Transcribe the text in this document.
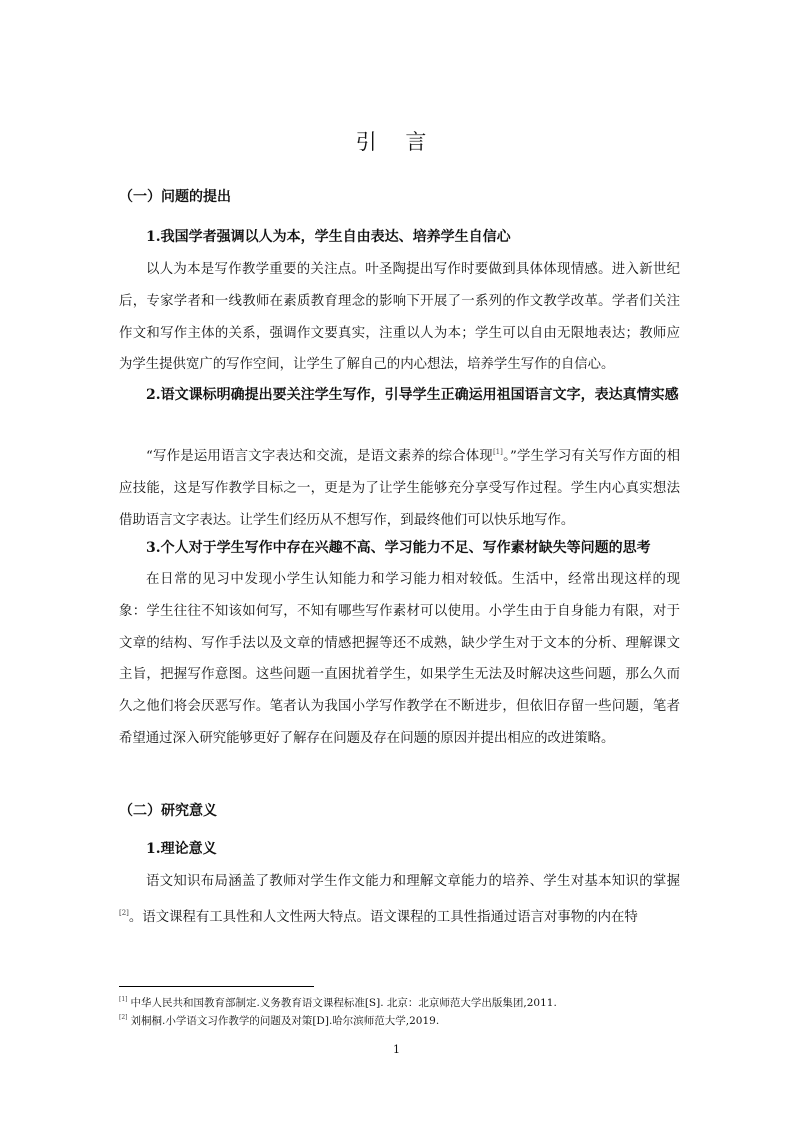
引 言
（一）问题的提出
1.我国学者强调以人为本，学生自由表达、培养学生自信心

以人为本是写作教学重要的关注点。叶圣陶提出写作时要做到具体体现情感。进入新世纪后，专家学者和一线教师在素质教育理念的影响下开展了一系列的作文教学改革。学者们关注作文和写作主体的关系，强调作文要真实，注重以人为本；学生可以自由无限地表达；教师应为学生提供宽广的写作空间，让学生了解自己的内心想法，培养学生写作的自信心。

2.语文课标明确提出要关注学生写作，引导学生正确运用祖国语言文字，表达真情实感

“写作是运用语言文字表达和交流，是语文素养的综合体现[1]。”学生学习有关写作方面的相应技能，这是写作教学目标之一，更是为了让学生能够充分享受写作过程。学生内心真实想法借助语言文字表达。让学生们经历从不想写作，到最终他们可以快乐地写作。

3.个人对于学生写作中存在兴趣不高、学习能力不足、写作素材缺失等问题的思考

在日常的见习中发现小学生认知能力和学习能力相对较低。生活中，经常出现这样的现象：学生往往不知该如何写，不知有哪些写作素材可以使用。小学生由于自身能力有限，对于文章的结构、写作手法以及文章的情感把握等还不成熟，缺少学生对于文本的分析、理解课文主旨，把握写作意图。这些问题一直困扰着学生，如果学生无法及时解决这些问题，那么久而久之他们将会厌恶写作。笔者认为我国小学写作教学在不断进步，但依旧存留一些问题，笔者希望通过深入研究能够更好了解存在问题及存在问题的原因并提出相应的改进策略。

（二）研究意义
1.理论意义

语文知识布局涵盖了教师对学生作文能力和理解文章能力的培养、学生对基本知识的掌握[2]。语文课程有工具性和人文性两大特点。语文课程的工具性指通过语言对事物的内在特

[1] 中华人民共和国教育部制定.义务教育语文课程标准[S]. 北京：北京师范大学出版集团,2011.
[2] 刘桐桐.小学语文习作教学的问题及对策[D].哈尔滨师范大学,2019.
1
